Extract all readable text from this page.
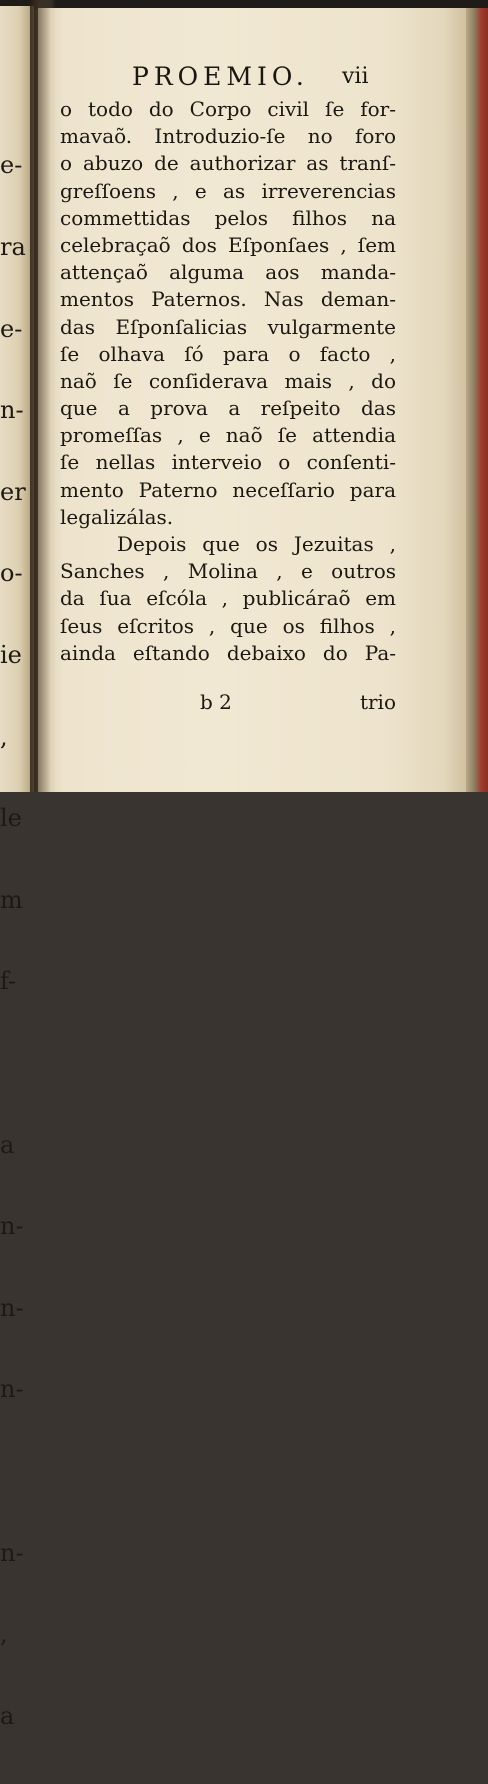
e-

ra

e-

n-

er

o-

ie

,

le

m

f-

a

n-

n-

n-

n-

,

a

PROEMIO. vii
o todo do Corpo civil ſe for-
mavaõ. Introduzio-ſe no foro
o abuzo de authorizar as tranſ-
greſſoens , e as irreverencias
commettidas pelos filhos na
celebraçaõ dos Eſponſaes , ſem
attençaõ alguma aos manda-
mentos Paternos. Nas deman-
das Eſponſalicias vulgarmente
ſe olhava ſó para o facto ,
naõ ſe conſiderava mais , do
que a prova a reſpeito das
promeſſas , e naõ ſe attendia
ſe nellas interveio o conſenti-
mento Paterno neceſſario para
legalizálas.
Depois que os Jezuitas ,
Sanches , Molina , e outros
da ſua eſcóla , publicáraõ em
ſeus eſcritos , que os filhos ,
ainda eſtando debaixo do Pa-
b 2	trio
